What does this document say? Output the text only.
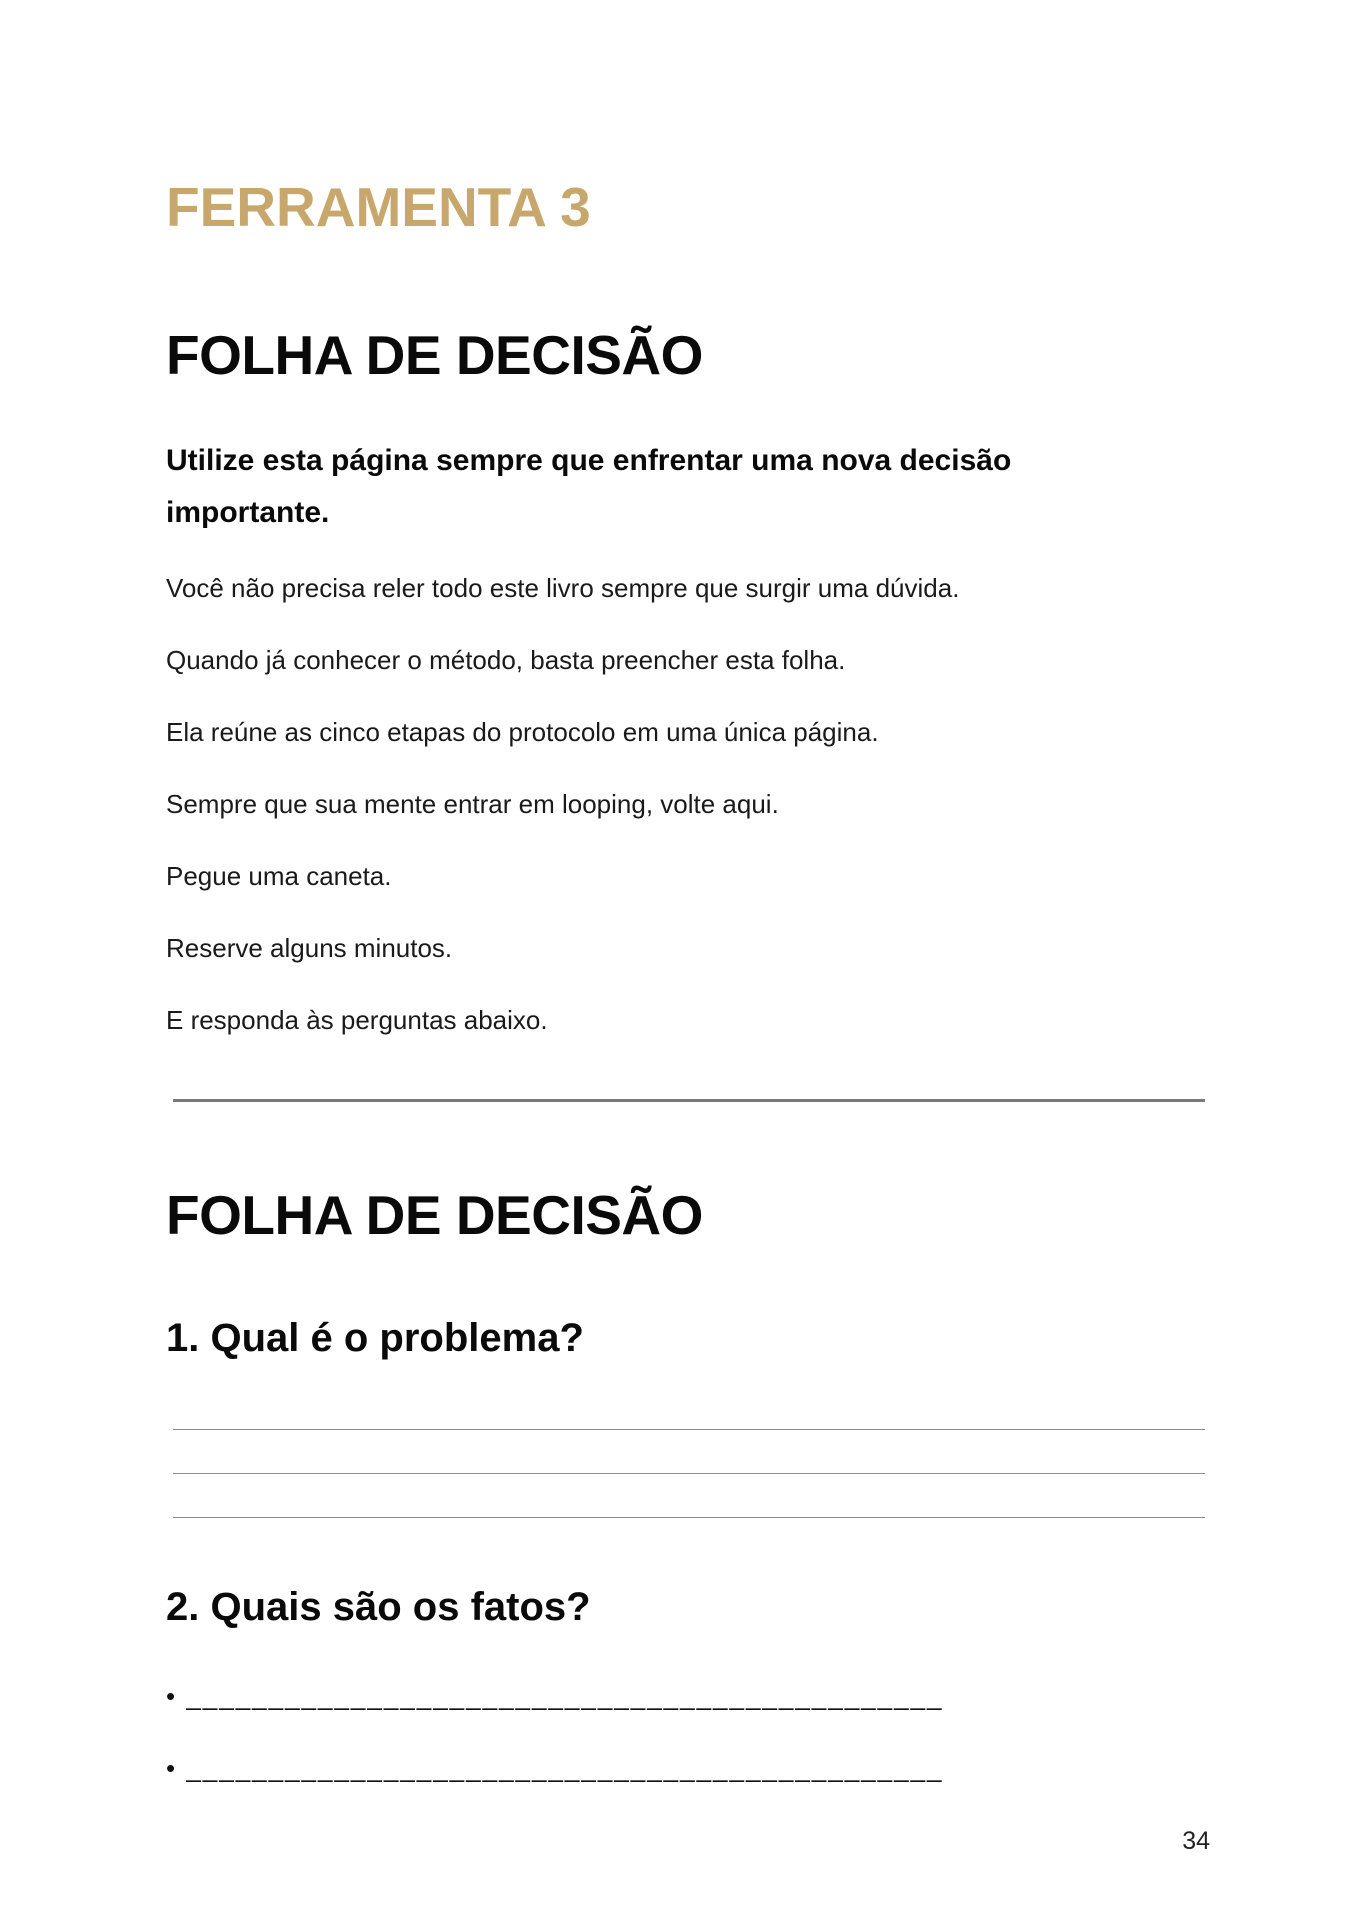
FERRAMENTA 3
FOLHA DE DECISÃO
Utilize esta página sempre que enfrentar uma nova decisão importante.
Você não precisa reler todo este livro sempre que surgir uma dúvida.
Quando já conhecer o método, basta preencher esta folha.
Ela reúne as cinco etapas do protocolo em uma única página.
Sempre que sua mente entrar em looping, volte aqui.
Pegue uma caneta.
Reserve alguns minutos.
E responda às perguntas abaixo.
FOLHA DE DECISÃO
1. Qual é o problema?
2. Quais são os fatos?
• ______________________________________________
• ______________________________________________
34
